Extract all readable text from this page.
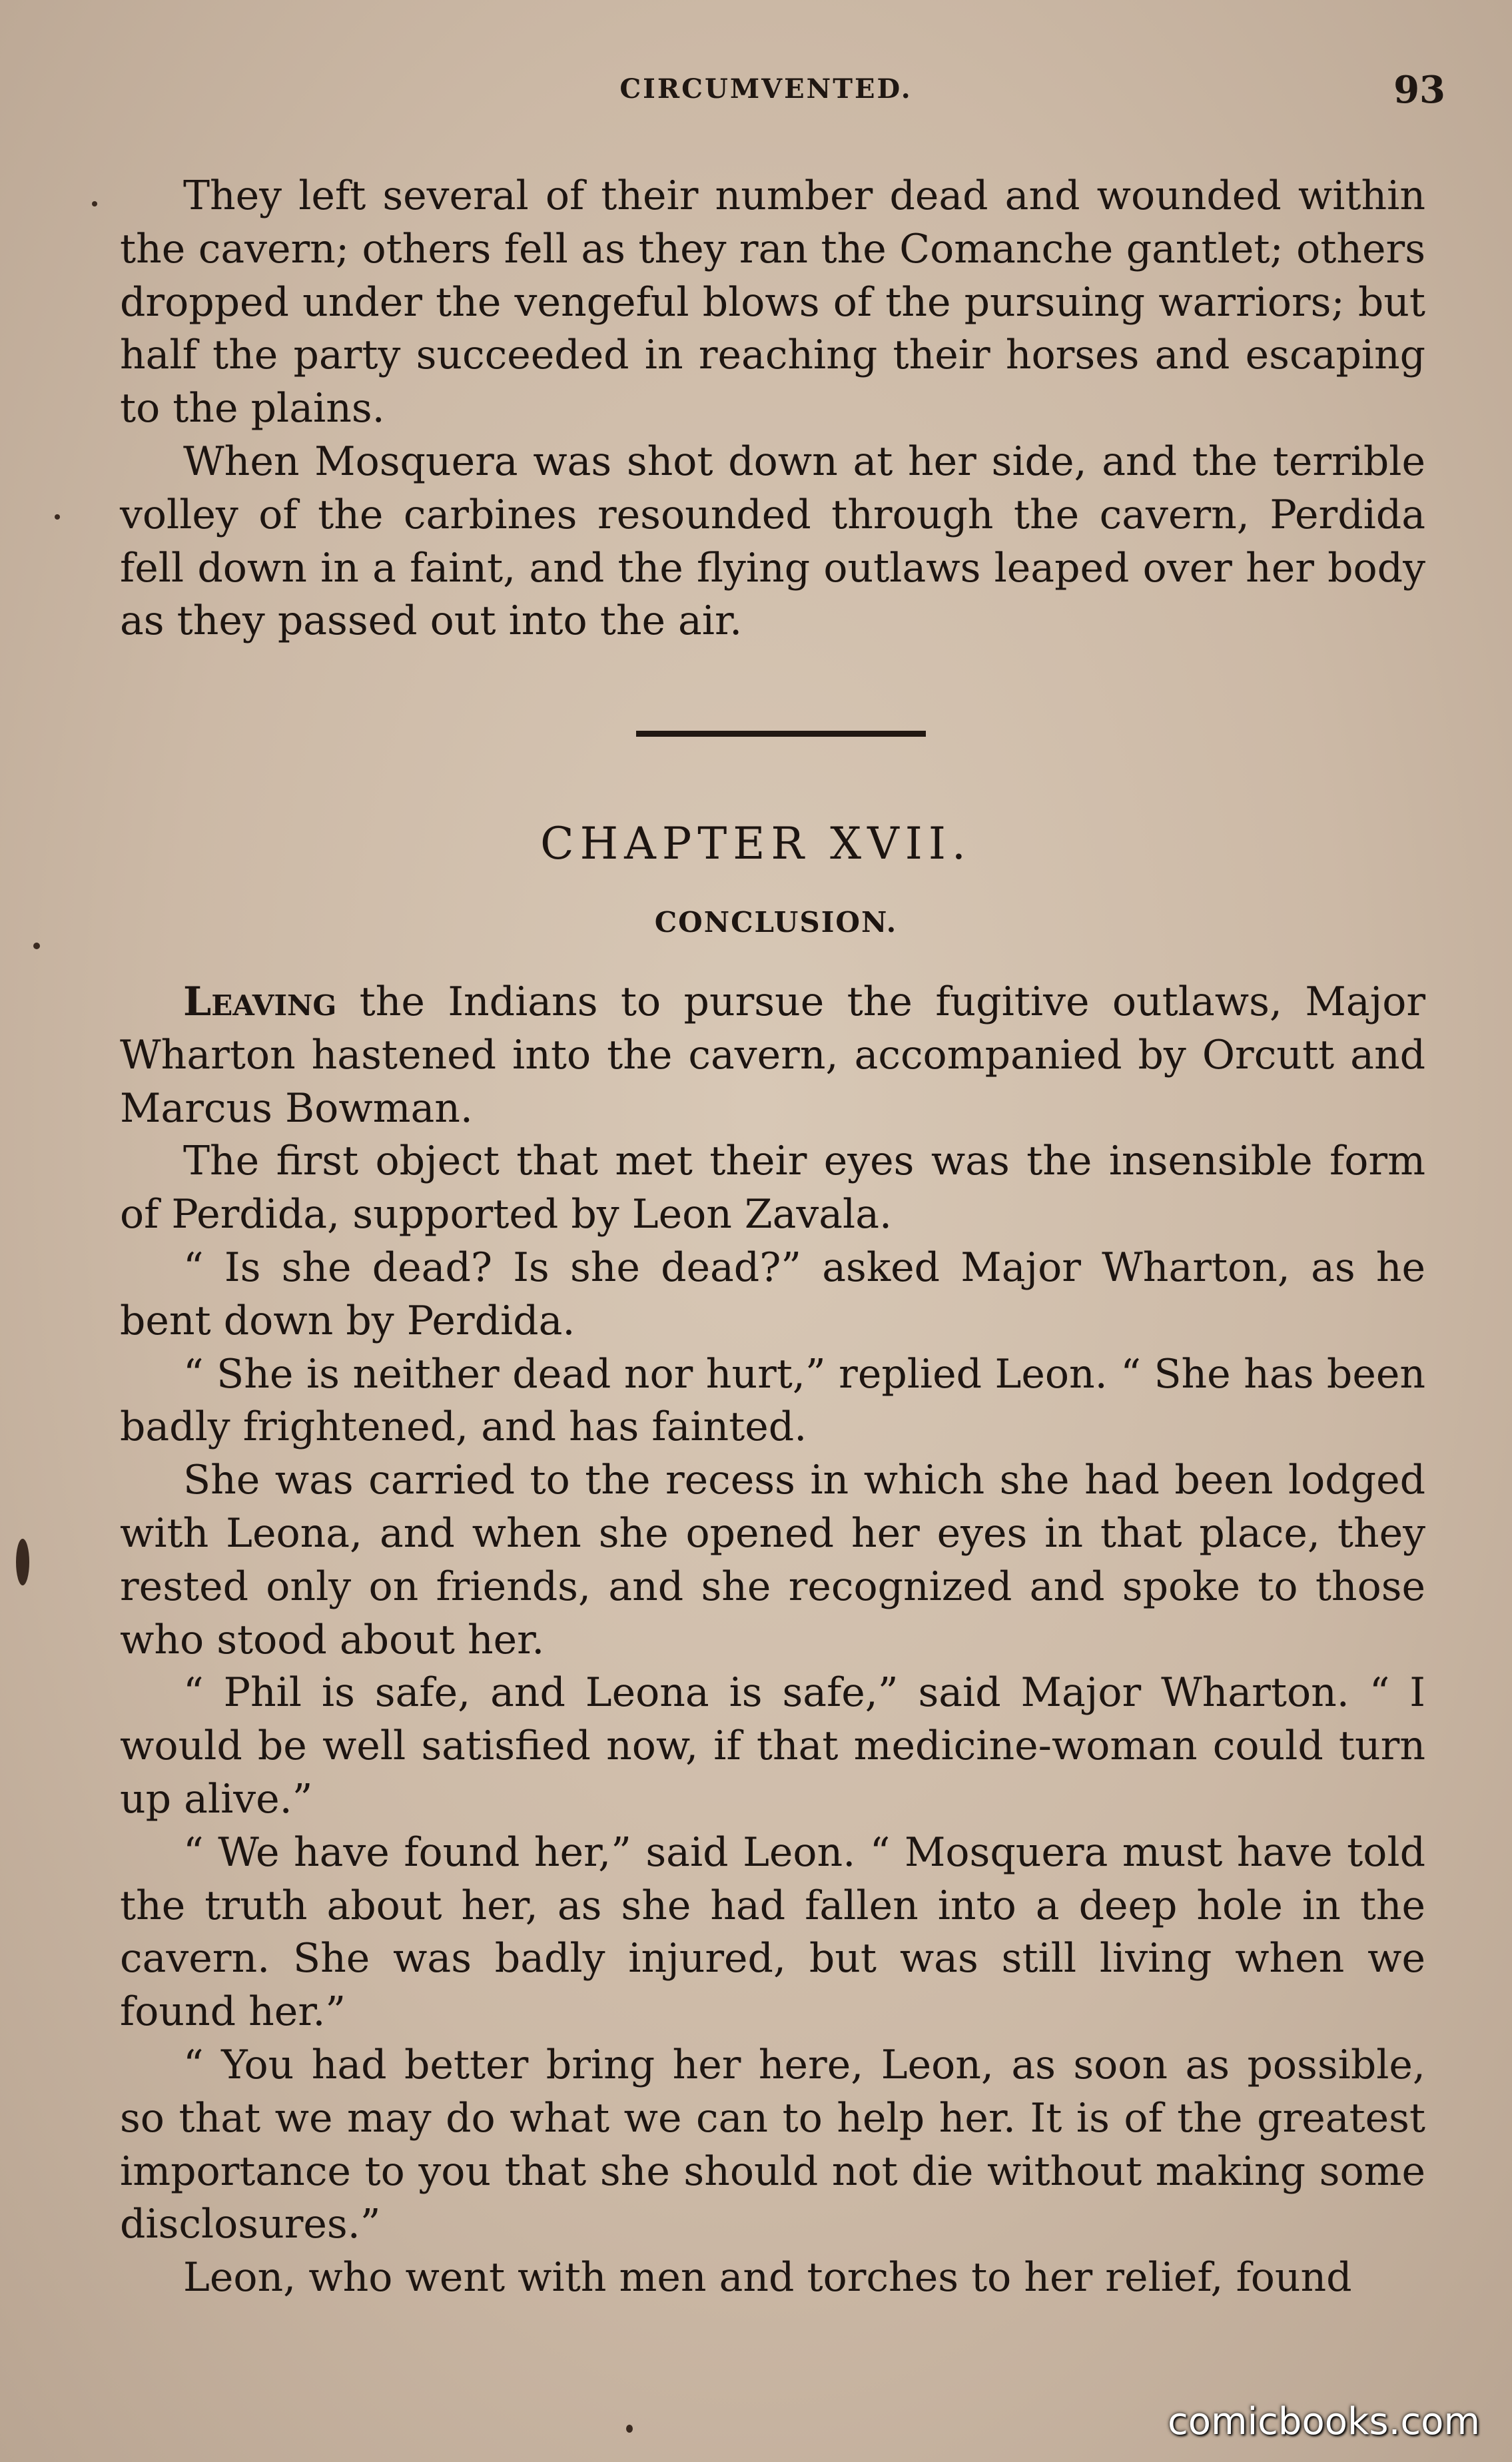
CIRCUMVENTED.	93

They left several of their number dead and wounded within the cavern; others fell as they ran the Comanche gantlet; others dropped under the vengeful blows of the pursuing warriors; but half the party succeeded in reaching their horses and escaping to the plains.

When Mosquera was shot down at her side, and the terrible volley of the carbines resounded through the cavern, Perdida fell down in a faint, and the flying outlaws leaped over her body as they passed out into the air.

CHAPTER XVII.
CONCLUSION.

Leaving the Indians to pursue the fugitive outlaws, Major Wharton hastened into the cavern, accompanied by Orcutt and Marcus Bowman.

The first object that met their eyes was the insensible form of Perdida, supported by Leon Zavala.

“ Is she dead? Is she dead?” asked Major Wharton, as he bent down by Perdida.

“ She is neither dead nor hurt,” replied Leon. “ She has been badly frightened, and has fainted.

She was carried to the recess in which she had been lodged with Leona, and when she opened her eyes in that place, they rested only on friends, and she recognized and spoke to those who stood about her.

“ Phil is safe, and Leona is safe,” said Major Wharton. “ I would be well satisfied now, if that medicine-woman could turn up alive.”

“ We have found her,” said Leon. “ Mosquera must have told the truth about her, as she had fallen into a deep hole in the cavern. She was badly injured, but was still living when we found her.”

“ You had better bring her here, Leon, as soon as possible, so that we may do what we can to help her. It is of the greatest importance to you that she should not die without making some disclosures.”

Leon, who went with men and torches to her relief, found

comicbooks.com
